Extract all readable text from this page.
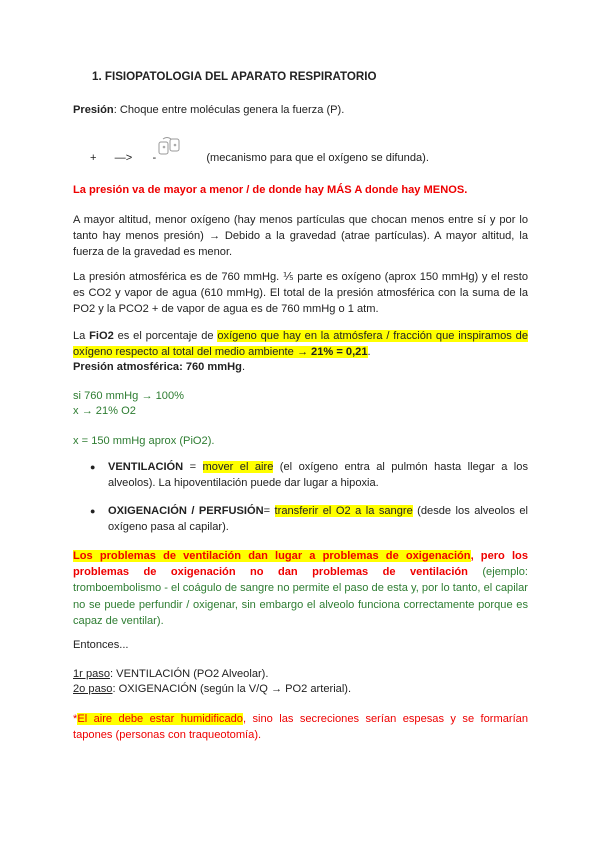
1. FISIOPATOLOGIA DEL APARATO RESPIRATORIO
Presión: Choque entre moléculas genera la fuerza (P).
+ —> -	(mecanismo para que el oxígeno se difunda).
La presión va de mayor a menor / de donde hay MÁS A donde hay MENOS.
A mayor altitud, menor oxígeno (hay menos partículas que chocan menos entre sí y por lo tanto hay menos presión) → Debido a la gravedad (atrae partículas). A mayor altitud, la fuerza de la gravedad es menor.
La presión atmosférica es de 760 mmHg. ⅕ parte es oxígeno (aprox 150 mmHg) y el resto es CO2 y vapor de agua (610 mmHg). El total de la presión atmosférica con la suma de la PO2 y la PCO2 + de vapor de agua es de 760 mmHg o 1 atm.
La FiO2 es el porcentaje de oxígeno que hay en la atmósfera / fracción que inspiramos de oxígeno respecto al total del medio ambiente → 21% = 0,21.
Presión atmosférica: 760 mmHg.
si 760 mmHg → 100%
x → 21% O2
x = 150 mmHg aprox (PiO2).
● VENTILACIÓN = mover el aire (el oxígeno entra al pulmón hasta llegar a los alveolos). La hipoventilación puede dar lugar a hipoxia.
● OXIGENACIÓN / PERFUSIÓN= transferir el O2 a la sangre (desde los alveolos el oxígeno pasa al capilar).
Los problemas de ventilación dan lugar a problemas de oxigenación, pero los problemas de oxigenación no dan problemas de ventilación (ejemplo: tromboembolismo - el coágulo de sangre no permite el paso de esta y, por lo tanto, el capilar no se puede perfundir / oxigenar, sin embargo el alveolo funciona correctamente porque es capaz de ventilar).
Entonces...
1r paso: VENTILACIÓN (PO2 Alveolar).
2o paso: OXIGENACIÓN (según la V/Q → PO2 arterial).
*El aire debe estar humidificado, sino las secreciones serían espesas y se formarían tapones (personas con traqueotomía).
